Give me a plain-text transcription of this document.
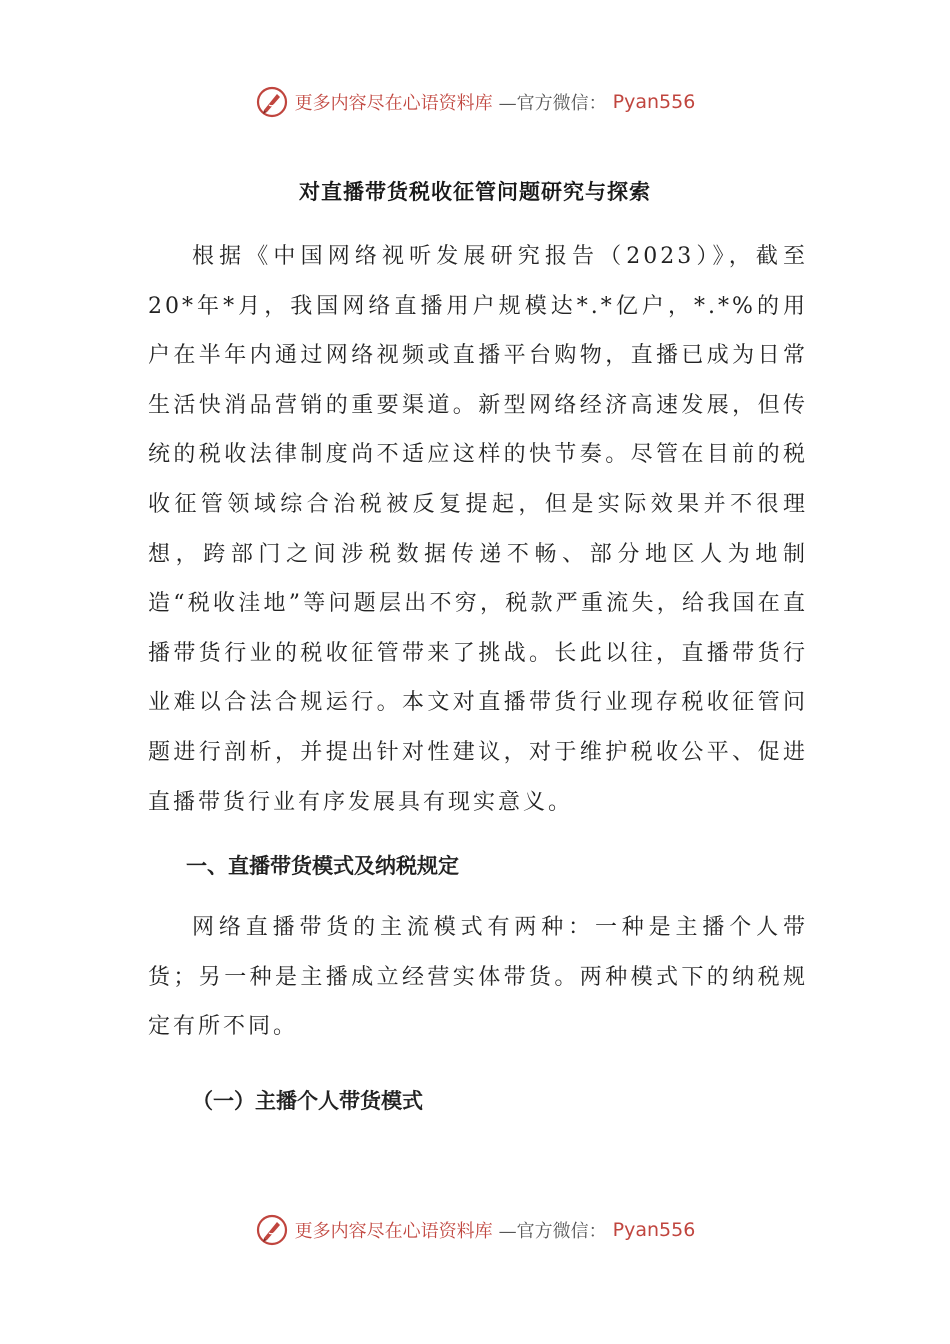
更多内容尽在心语资料库 —官方微信： Pyan556
对直播带货税收征管问题研究与探索

根据《中国网络视听发展研究报告（2023）》，截至20*年*月，我国网络直播用户规模达*.*亿户，*.*%的用户在半年内通过网络视频或直播平台购物，直播已成为日常生活快消品营销的重要渠道。新型网络经济高速发展，但传统的税收法律制度尚不适应这样的快节奏。尽管在目前的税收征管领域综合治税被反复提起，但是实际效果并不很理想，跨部门之间涉税数据传递不畅、部分地区人为地制造“税收洼地”等问题层出不穷，税款严重流失，给我国在直播带货行业的税收征管带来了挑战。长此以往，直播带货行业难以合法合规运行。本文对直播带货行业现存税收征管问题进行剖析，并提出针对性建议，对于维护税收公平、促进直播带货行业有序发展具有现实意义。

一、直播带货模式及纳税规定

网络直播带货的主流模式有两种：一种是主播个人带货；另一种是主播成立经营实体带货。两种模式下的纳税规定有所不同。

（一）主播个人带货模式

更多内容尽在心语资料库 —官方微信： Pyan556
